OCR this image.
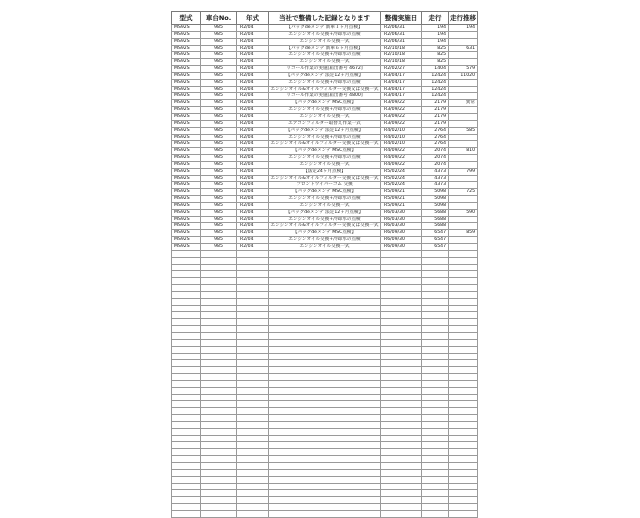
型式	車台No.	年式	当社で整備した記録となります	整備実施日	走行	走行推移
MS92S	985	R2/04	【パックdeメンテ 新車１ヶ月点検】	R2/06/31	194	194
MS92S	985	R2/04	エンジンオイル交換+冷却水の点検	R2/06/31	194	
MS92S	985	R2/04	エンジンオイル交換一式	R2/06/31	194	
MS92S	985	R2/04	【パックdeメンテ 新車６ヶ月点検】	R2/10/18	825	631
MS92S	985	R2/04	エンジンオイル交換+冷却水の点検	R2/10/18	825	
MS92S	985	R2/04	エンジンオイル交換一式	R2/10/18	825	
MS92S	985	R2/04	リコール作業の実施[届出番号 4672]	R2/02/27	1404	579
MS92S	985	R2/04	【パックdeメンテ 法定12ヶ月点検】	R3/04/17	12424	11020
MS92S	985	R2/04	エンジンオイル交換+冷却水の点検	R3/04/17	12424	
MS92S	985	R2/04	エンジンオイル&オイルフィルター交換又は交換一式	R3/04/17	12424	
MS92S	985	R2/04	リコール作業の実施[届出番号 4800]	R3/04/17	12424	
MS92S	985	R2/04	【パックdeメンテ MSC点検】	R3/09/22	2179	異常
MS92S	985	R2/04	エンジンオイル交換+冷却水の点検	R3/09/22	2179	
MS92S	985	R2/04	エンジンオイル交換一式	R3/09/22	2179	
MS92S	985	R2/04	エアコンフィルター取替え作業一式	R3/09/22	2179	
MS92S	985	R2/04	【パックdeメンテ 法定12ヶ月点検】	R4/02/10	2764	585
MS92S	985	R2/04	エンジンオイル交換+冷却水の点検	R4/02/10	2764	
MS92S	985	R2/04	エンジンオイル&オイルフィルター交換又は交換一式	R4/02/10	2764	
MS92S	985	R2/04	【パックdeメンテ MSC点検】	R4/09/22	2074	810
MS92S	985	R2/04	エンジンオイル交換+冷却水の点検	R4/09/22	2074	
MS92S	985	R2/04	エンジンオイル交換一式	R4/09/22	2074	
MS92S	985	R2/04	【法定24ヶ月点検】	R5/02/24	4373	799
MS92S	985	R2/04	エンジンオイル&オイルフィルター交換又は交換一式	R5/02/24	4373	
MS92S	985	R2/04	フロントワイパーゴム 交換	R5/02/24	4373	
MS92S	985	R2/04	【パックdeメンテ MSC点検】	R5/09/21	5098	725
MS92S	985	R2/04	エンジンオイル交換+冷却水の点検	R5/09/21	5098	
MS92S	985	R2/04	エンジンオイル交換一式	R5/09/21	5098	
MS92S	985	R2/04	【パックdeメンテ 法定12ヶ月点検】	R6/03/30	5688	590
MS92S	985	R2/04	エンジンオイル交換+冷却水の点検	R6/03/30	5688	
MS92S	985	R2/04	エンジンオイル&オイルフィルター交換又は交換一式	R6/03/30	5688	
MS92S	985	R2/04	【パックdeメンテ MSC点検】	R6/09/30	6547	859
MS92S	985	R2/04	エンジンオイル交換+冷却水の点検	R6/09/30	6547	
MS92S	985	R2/04	エンジンオイル交換一式	R6/09/30	6547	
